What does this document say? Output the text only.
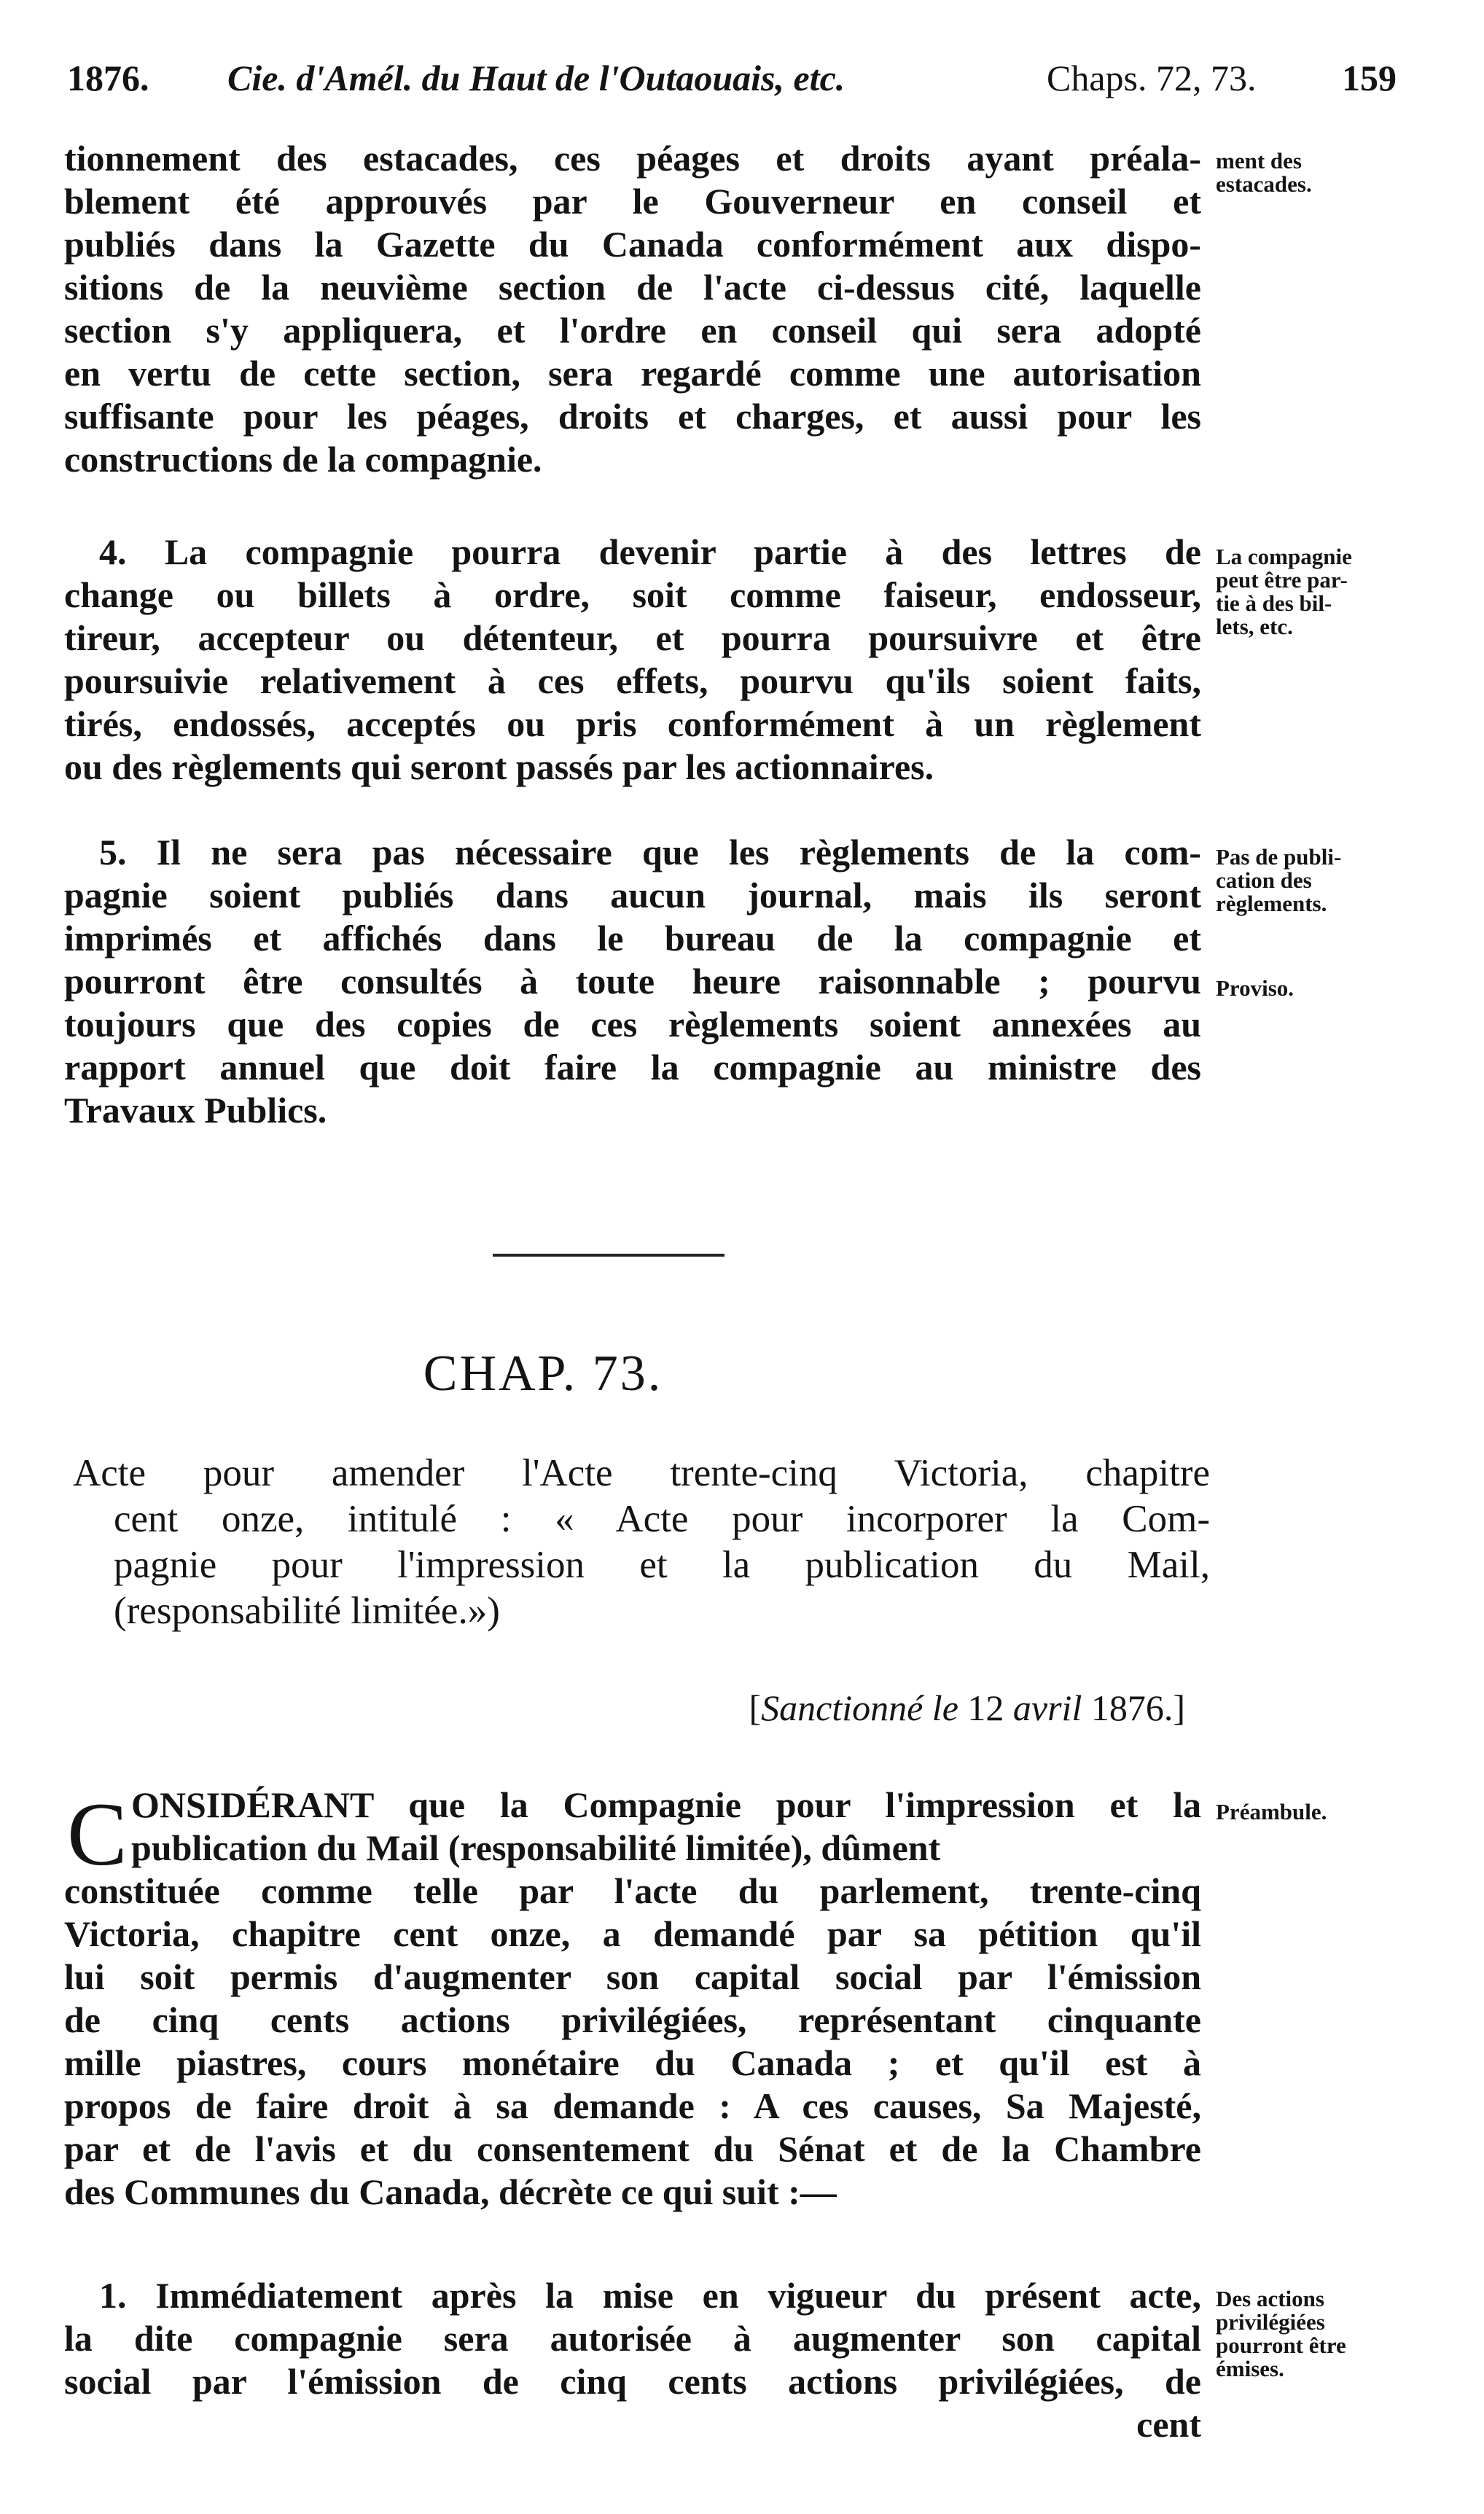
1876. Cie. d'Amél. du Haut de l'Outaouais, etc.	Chaps. 72, 73. 159
tionnement des estacades, ces péages et droits ayant préala-
blement été approuvés par le Gouverneur en conseil et
publiés dans la Gazette du Canada conformément aux dispo-
sitions de la neuvième section de l'acte ci-dessus cité, laquelle
section s'y appliquera, et l'ordre en conseil qui sera adopté
en vertu de cette section, sera regardé comme une autorisation
suffisante pour les péages, droits et charges, et aussi pour les
constructions de la compagnie.
ment des
estacades.
4. La compagnie pourra devenir partie à des lettres de
change ou billets à ordre, soit comme faiseur, endosseur,
tireur, accepteur ou détenteur, et pourra poursuivre et être
poursuivie relativement à ces effets, pourvu qu'ils soient faits,
tirés, endossés, acceptés ou pris conformément à un règlement
ou des règlements qui seront passés par les actionnaires.
La compagnie
peut être par-
tie à des bil-
lets, etc.
5. Il ne sera pas nécessaire que les règlements de la com-
pagnie soient publiés dans aucun journal, mais ils seront
imprimés et affichés dans le bureau de la compagnie et
pourront être consultés à toute heure raisonnable ; pourvu
toujours que des copies de ces règlements soient annexées au
rapport annuel que doit faire la compagnie au ministre des
Travaux Publics.
Pas de publi-
cation des
règlements.
Proviso.
CHAP. 73.
Acte pour amender l'Acte trente-cinq Victoria, chapitre
cent onze, intitulé : « Acte pour incorporer la Com-
pagnie pour l'impression et la publication du Mail,
(responsabilité limitée.»)
[Sanctionné le 12 avril 1876.]
C ONSIDÉRANT que la Compagnie pour l'impression et la
publication du Mail (responsabilité limitée), dûment
constituée comme telle par l'acte du parlement, trente-cinq
Victoria, chapitre cent onze, a demandé par sa pétition qu'il
lui soit permis d'augmenter son capital social par l'émission
de cinq cents actions privilégiées, représentant cinquante
mille piastres, cours monétaire du Canada ; et qu'il est à
propos de faire droit à sa demande : A ces causes, Sa Majesté,
par et de l'avis et du consentement du Sénat et de la Chambre
des Communes du Canada, décrète ce qui suit :—
Préambule.
1. Immédiatement après la mise en vigueur du présent acte,
la dite compagnie sera autorisée à augmenter son capital
social par l'émission de cinq cents actions privilégiées, de
cent
Des actions
privilégiées
pourront être
émises.
